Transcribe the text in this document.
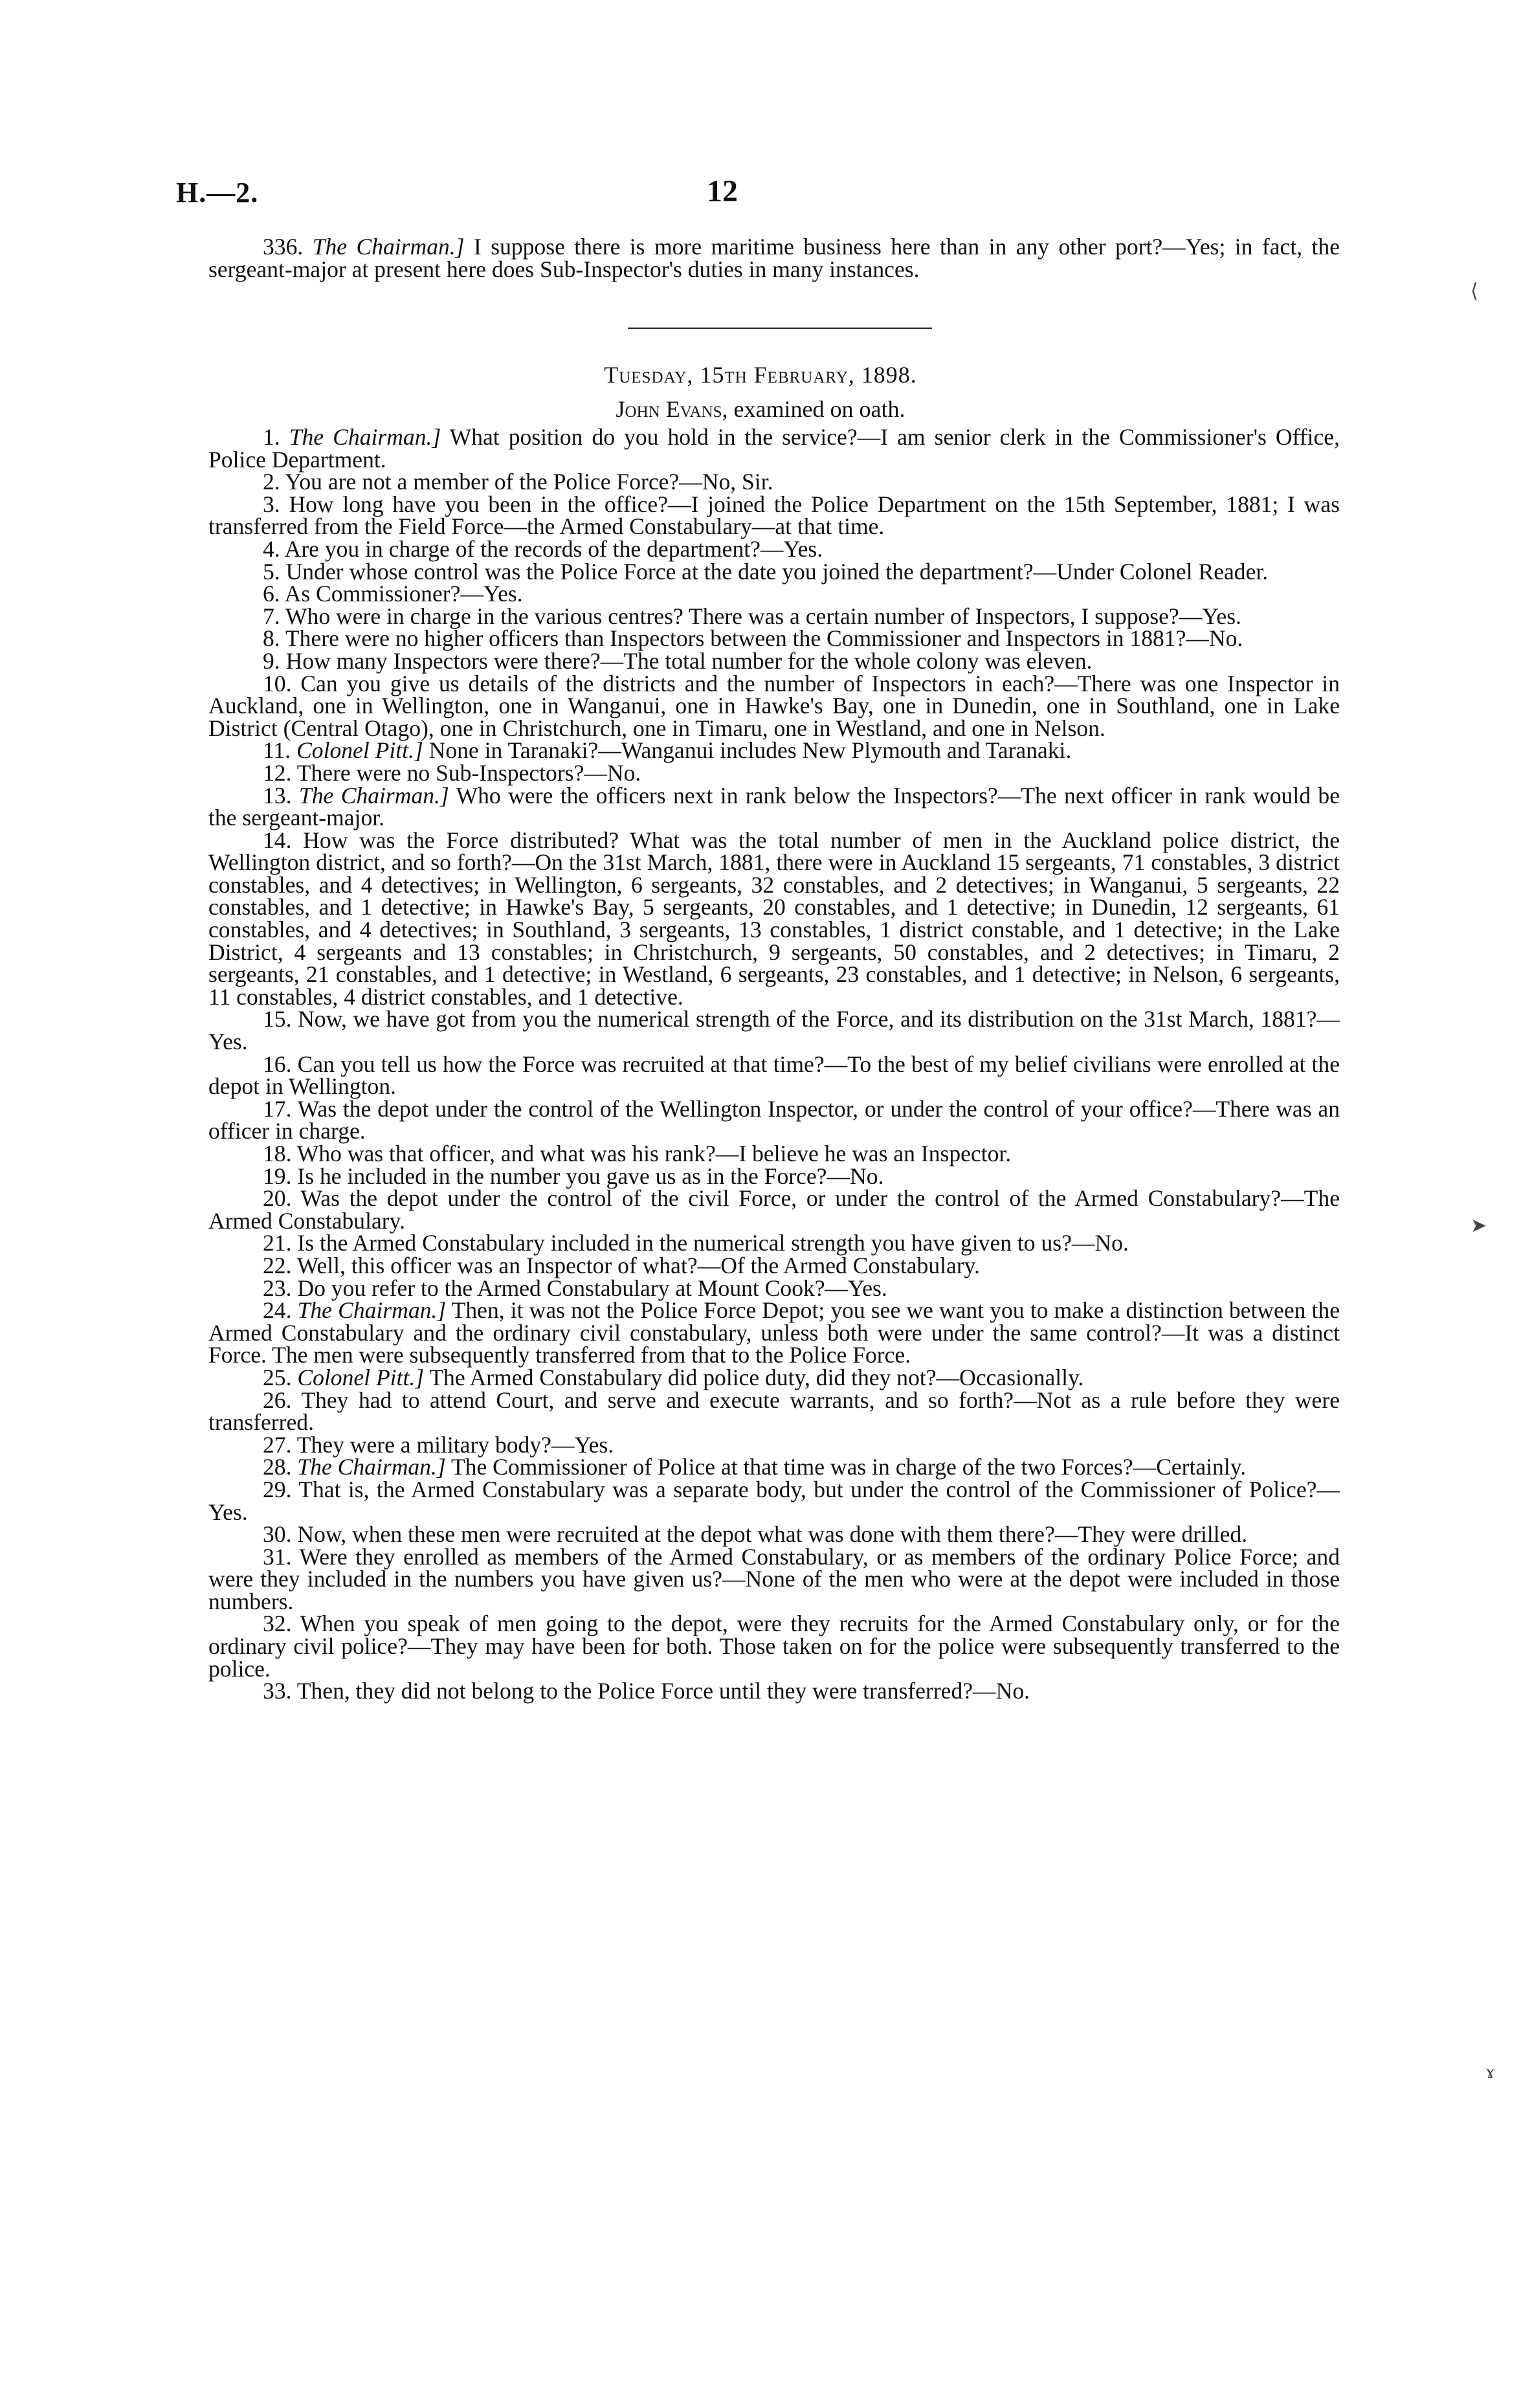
H.—2.	12

336. The Chairman.] I suppose there is more maritime business here than in any other port?—Yes; in fact, the sergeant-major at present here does Sub-Inspector's duties in many instances.

Tuesday, 15th February, 1898.
John Evans, examined on oath.

1. The Chairman.] What position do you hold in the service?—I am senior clerk in the Commissioner's Office, Police Department.

2. You are not a member of the Police Force?—No, Sir.

3. How long have you been in the office?—I joined the Police Department on the 15th September, 1881; I was transferred from the Field Force—the Armed Constabulary—at that time.

4. Are you in charge of the records of the department?—Yes.

5. Under whose control was the Police Force at the date you joined the department?—Under Colonel Reader.

6. As Commissioner?—Yes.

7. Who were in charge in the various centres? There was a certain number of Inspectors, I suppose?—Yes.

8. There were no higher officers than Inspectors between the Commissioner and Inspectors in 1881?—No.

9. How many Inspectors were there?—The total number for the whole colony was eleven.

10. Can you give us details of the districts and the number of Inspectors in each?—There was one Inspector in Auckland, one in Wellington, one in Wanganui, one in Hawke's Bay, one in Dunedin, one in Southland, one in Lake District (Central Otago), one in Christchurch, one in Timaru, one in Westland, and one in Nelson.

11. Colonel Pitt.] None in Taranaki?—Wanganui includes New Plymouth and Taranaki.

12. There were no Sub-Inspectors?—No.

13. The Chairman.] Who were the officers next in rank below the Inspectors?—The next officer in rank would be the sergeant-major.

14. How was the Force distributed? What was the total number of men in the Auckland police district, the Wellington district, and so forth?—On the 31st March, 1881, there were in Auckland 15 sergeants, 71 constables, 3 district constables, and 4 detectives; in Wellington, 6 sergeants, 32 constables, and 2 detectives; in Wanganui, 5 sergeants, 22 constables, and 1 detective; in Hawke's Bay, 5 sergeants, 20 constables, and 1 detective; in Dunedin, 12 sergeants, 61 constables, and 4 detectives; in Southland, 3 sergeants, 13 constables, 1 district constable, and 1 detective; in the Lake District, 4 sergeants and 13 constables; in Christchurch, 9 sergeants, 50 constables, and 2 detectives; in Timaru, 2 sergeants, 21 constables, and 1 detective; in Westland, 6 sergeants, 23 constables, and 1 detective; in Nelson, 6 sergeants, 11 constables, 4 district constables, and 1 detective.

15. Now, we have got from you the numerical strength of the Force, and its distribution on the 31st March, 1881?—Yes.

16. Can you tell us how the Force was recruited at that time?—To the best of my belief civilians were enrolled at the depot in Wellington.

17. Was the depot under the control of the Wellington Inspector, or under the control of your office?—There was an officer in charge.

18. Who was that officer, and what was his rank?—I believe he was an Inspector.

19. Is he included in the number you gave us as in the Force?—No.

20. Was the depot under the control of the civil Force, or under the control of the Armed Constabulary?—The Armed Constabulary.

21. Is the Armed Constabulary included in the numerical strength you have given to us?—No.

22. Well, this officer was an Inspector of what?—Of the Armed Constabulary.

23. Do you refer to the Armed Constabulary at Mount Cook?—Yes.

24. The Chairman.] Then, it was not the Police Force Depot; you see we want you to make a distinction between the Armed Constabulary and the ordinary civil constabulary, unless both were under the same control?—It was a distinct Force. The men were subsequently transferred from that to the Police Force.

25. Colonel Pitt.] The Armed Constabulary did police duty, did they not?—Occasionally.

26. They had to attend Court, and serve and execute warrants, and so forth?—Not as a rule before they were transferred.

27. They were a military body?—Yes.

28. The Chairman.] The Commissioner of Police at that time was in charge of the two Forces?—Certainly.

29. That is, the Armed Constabulary was a separate body, but under the control of the Commissioner of Police?—Yes.

30. Now, when these men were recruited at the depot what was done with them there?—They were drilled.

31. Were they enrolled as members of the Armed Constabulary, or as members of the ordinary Police Force; and were they included in the numbers you have given us?—None of the men who were at the depot were included in those numbers.

32. When you speak of men going to the depot, were they recruits for the Armed Constabulary only, or for the ordinary civil police?—They may have been for both. Those taken on for the police were subsequently transferred to the police.

33. Then, they did not belong to the Police Force until they were transferred?—No.

⟨
➤
ɤ
